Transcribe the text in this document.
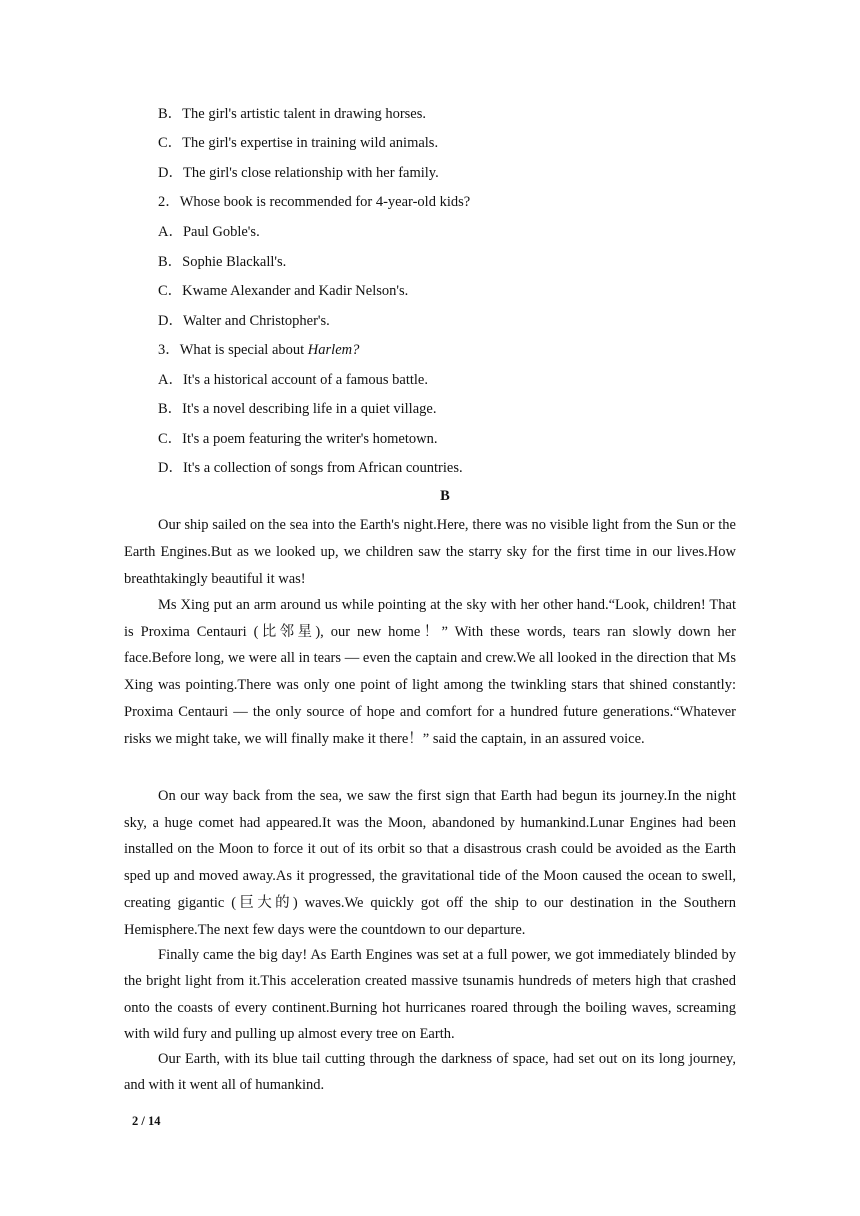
B．The girl's artistic talent in drawing horses.
C．The girl's expertise in training wild animals.
D．The girl's close relationship with her family.
2．Whose book is recommended for 4-year-old kids?
A．Paul Goble's.
B．Sophie Blackall's.
C．Kwame Alexander and Kadir Nelson's.
D．Walter and Christopher's.
3．What is special about Harlem?
A．It's a historical account of a famous battle.
B．It's a novel describing life in a quiet village.
C．It's a poem featuring the writer's hometown.
D．It's a collection of songs from African countries.
B

Our ship sailed on the sea into the Earth's night.Here, there was no visible light from the Sun or the Earth Engines.But as we looked up, we children saw the starry sky for the first time in our lives.How breathtakingly beautiful it was!

Ms Xing put an arm around us while pointing at the sky with her other hand.“Look, children! That is Proxima Centauri (比邻星), our new home！” With these words, tears ran slowly down her face.Before long, we were all in tears — even the captain and crew.We all looked in the direction that Ms Xing was pointing.There was only one point of light among the twinkling stars that shined constantly: Proxima Centauri — the only source of hope and comfort for a hundred future generations.“Whatever risks we might take, we will finally make it there！” said the captain, in an assured voice.

On our way back from the sea, we saw the first sign that Earth had begun its journey.In the night sky, a huge comet had appeared.It was the Moon, abandoned by humankind.Lunar Engines had been installed on the Moon to force it out of its orbit so that a disastrous crash could be avoided as the Earth sped up and moved away.As it progressed, the gravitational tide of the Moon caused the ocean to swell, creating gigantic (巨大的) waves.We quickly got off the ship to our destination in the Southern Hemisphere.The next few days were the countdown to our departure.

Finally came the big day! As Earth Engines was set at a full power, we got immediately blinded by the bright light from it.This acceleration created massive tsunamis hundreds of meters high that crashed onto the coasts of every continent.Burning hot hurricanes roared through the boiling waves, screaming with wild fury and pulling up almost every tree on Earth.

Our Earth, with its blue tail cutting through the darkness of space, had set out on its long journey, and with it went all of humankind.

2 / 14
